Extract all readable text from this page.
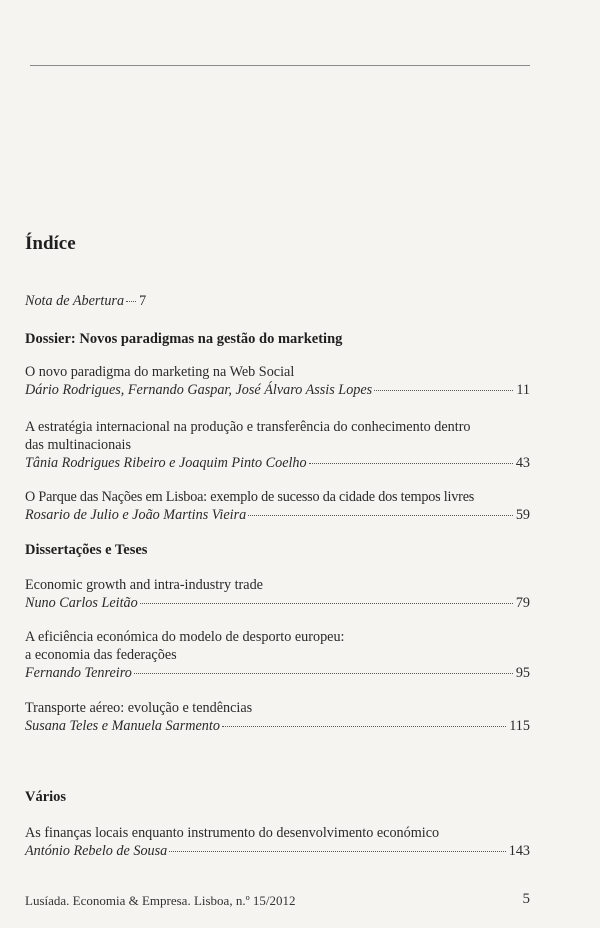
Índíce
Nota de Abertura 7
Dossier: Novos paradigmas na gestão do marketing
O novo paradigma do marketing na Web Social
Dário Rodrigues, Fernando Gaspar, José Álvaro Assis Lopes	11
A estratégia internacional na produção e transferência do conhecimento dentro
das multinacionais
Tânia Rodrigues Ribeiro e Joaquim Pinto Coelho	43
O Parque das Nações em Lisboa: exemplo de sucesso da cidade dos tempos livres
Rosario de Julio e João Martins Vieira	59
Dissertações e Teses
Economic growth and intra-industry trade
Nuno Carlos Leitão	79
A eficiência económica do modelo de desporto europeu:
a economia das federações
Fernando Tenreiro	95
Transporte aéreo: evolução e tendências
Susana Teles e Manuela Sarmento	115
Vários
As finanças locais enquanto instrumento do desenvolvimento económico
António Rebelo de Sousa	143
Lusíada. Economia & Empresa. Lisboa, n.º 15/2012	5
